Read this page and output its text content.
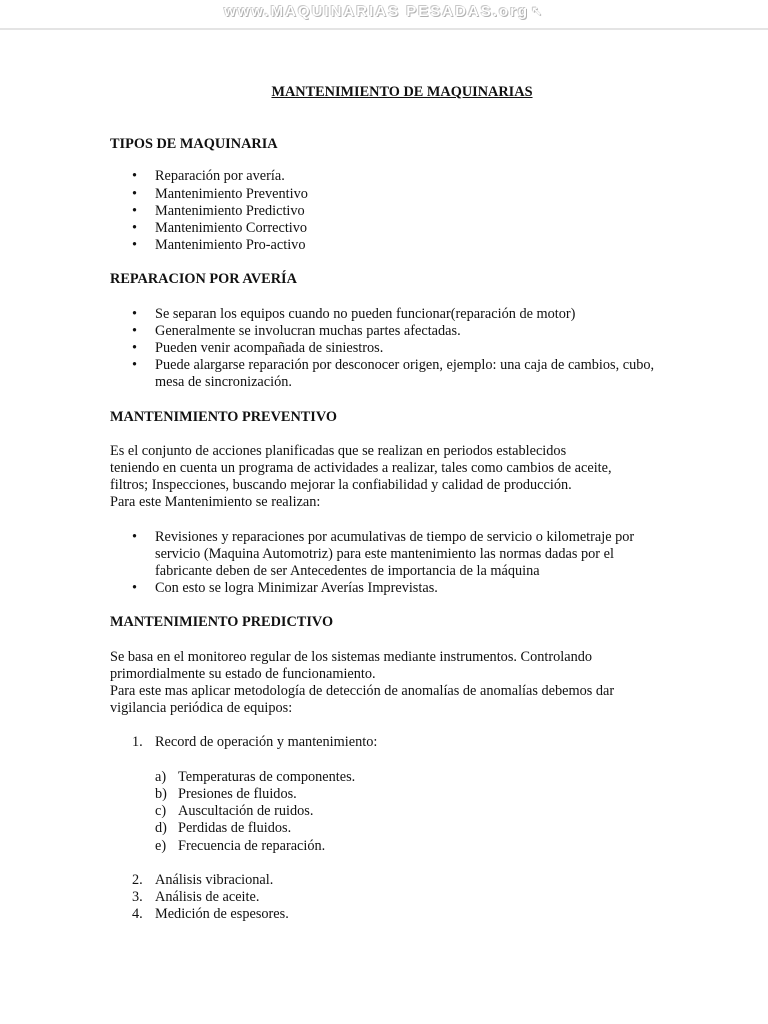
www.MAQUINARIAS PESADAS.org ↖
MANTENIMIENTO DE MAQUINARIAS
TIPOS DE MAQUINARIA
• Reparación por avería.
• Mantenimiento Preventivo
• Mantenimiento Predictivo
• Mantenimiento Correctivo
• Mantenimiento Pro-activo
REPARACION POR AVERÍA
• Se separan los equipos cuando no pueden funcionar(reparación de motor)
• Generalmente se involucran muchas partes afectadas.
• Pueden venir acompañada de siniestros.
• Puede alargarse reparación por desconocer origen, ejemplo: una caja de cambios, cubo, mesa de sincronización.
MANTENIMIENTO PREVENTIVO

Es el conjunto de acciones planificadas que se realizan en periodos establecidos
teniendo en cuenta un programa de actividades a realizar, tales como cambios de aceite,
filtros; Inspecciones, buscando mejorar la confiabilidad y calidad de producción.
Para este Mantenimiento se realizan:

• Revisiones y reparaciones por acumulativas de tiempo de servicio o kilometraje por servicio (Maquina Automotriz) para este mantenimiento las normas dadas por el fabricante deben de ser Antecedentes de importancia de la máquina
• Con esto se logra Minimizar Averías Imprevistas.
MANTENIMIENTO PREDICTIVO

Se basa en el monitoreo regular de los sistemas mediante instrumentos. Controlando
primordialmente su estado de funcionamiento.
Para este mas aplicar metodología de detección de anomalías de anomalías debemos dar
vigilancia periódica de equipos:

1. Record de operación y mantenimiento:
a) Temperaturas de componentes.
b) Presiones de fluidos.
c) Auscultación de ruidos.
d) Perdidas de fluidos.
e) Frecuencia de reparación.
2. Análisis vibracional.
3. Análisis de aceite.
4. Medición de espesores.
